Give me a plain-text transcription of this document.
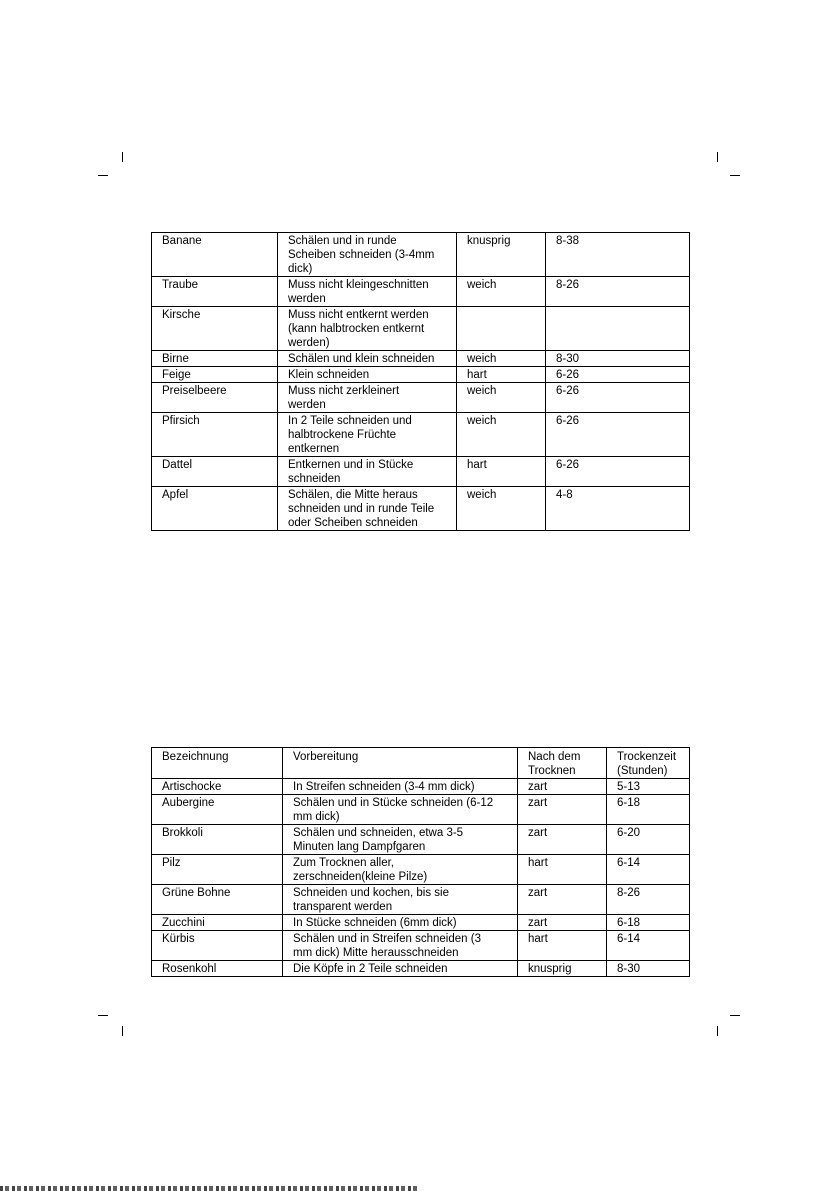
Banane	Schälen und in runde
Scheiben schneiden (3-4mm
dick)	knusprig	8-38
Traube	Muss nicht kleingeschnitten
werden	weich	8-26
Kirsche	Muss nicht entkernt werden
(kann halbtrocken entkernt
werden)		
Birne	Schälen und klein schneiden	weich	8-30
Feige	Klein schneiden	hart	6-26
Preiselbeere	Muss nicht zerkleinert
werden	weich	6-26
Pfirsich	In 2 Teile schneiden und
halbtrockene Früchte
entkernen	weich	6-26
Dattel	Entkernen und in Stücke
schneiden	hart	6-26
Apfel	Schälen, die Mitte heraus
schneiden und in runde Teile
oder Scheiben schneiden	weich	4-8
Bezeichnung	Vorbereitung	Nach dem
Trocknen	Trockenzeit
(Stunden)
Artischocke	In Streifen schneiden (3-4 mm dick)	zart	5-13
Aubergine	Schälen und in Stücke schneiden (6-12
mm dick)	zart	6-18
Brokkoli	Schälen und schneiden, etwa 3-5
Minuten lang Dampfgaren	zart	6-20
Pilz	Zum Trocknen aller,
zerschneiden(kleine Pilze)	hart	6-14
Grüne Bohne	Schneiden und kochen, bis sie
transparent werden	zart	8-26
Zucchini	In Stücke schneiden (6mm dick)	zart	6-18
Kürbis	Schälen und in Streifen schneiden (3
mm dick) Mitte herausschneiden	hart	6-14
Rosenkohl	Die Köpfe in 2 Teile schneiden	knusprig	8-30
